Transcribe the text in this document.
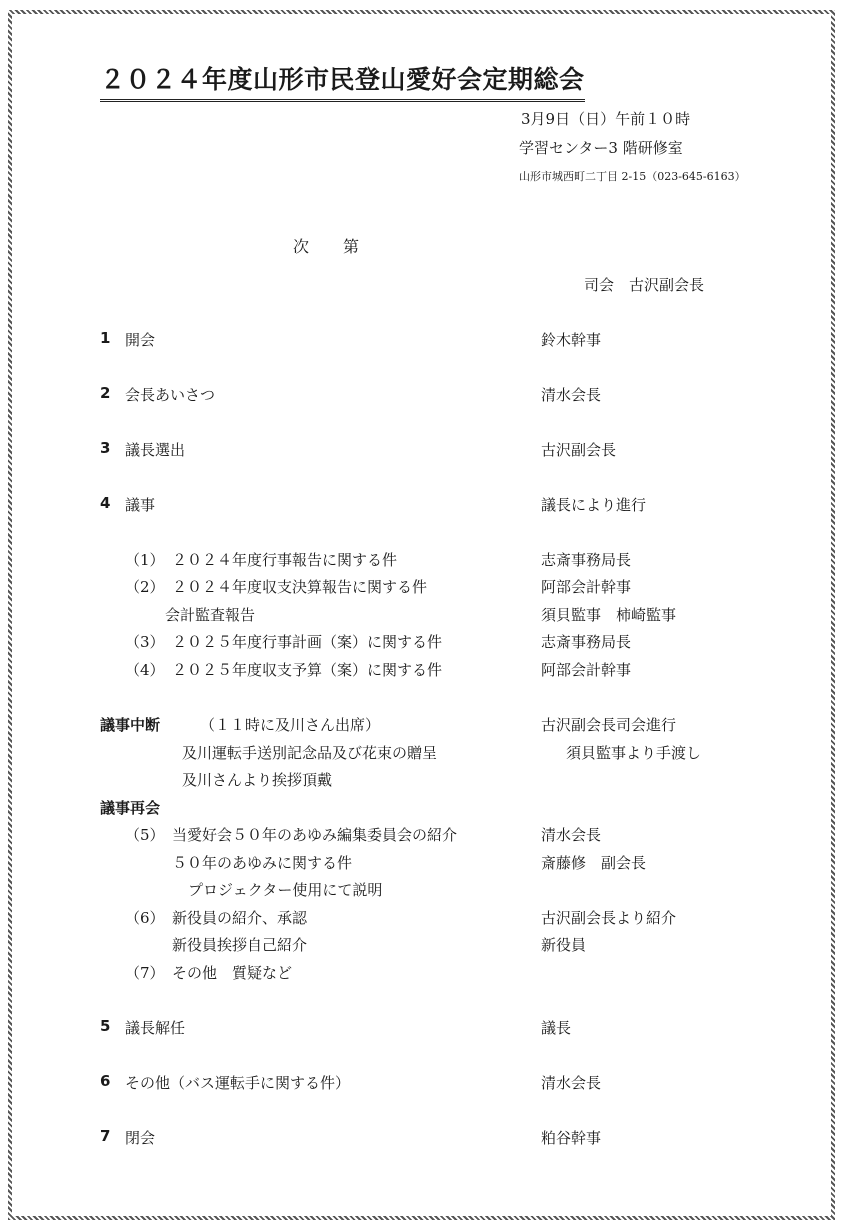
２０２４年度山形市民登山愛好会定期総会
3月9日（日）午前１０時
学習センター3 階研修室
山形市城西町二丁目 2-15（023-645-6163）
次第
司会　古沢副会長
1 開会	鈴木幹事
2 会長あいさつ	清水会長
3 議長選出	古沢副会長
4 議事	議長により進行
（1）　２０２４年度行事報告に関する件	志斎事務局長
（2）　２０２４年度収支決算報告に関する件	阿部会計幹事
会計監査報告	須貝監事　柿崎監事
（3）　２０２５年度行事計画（案）に関する件	志斎事務局長
（4）　２０２５年度収支予算（案）に関する件	阿部会計幹事
議事中断	（１１時に及川さん出席）	古沢副会長司会進行
及川運転手送別記念品及び花束の贈呈	須貝監事より手渡し
及川さんより挨拶頂戴
議事再会
（5）　当愛好会５０年のあゆみ編集委員会の紹介	清水会長
５０年のあゆみに関する件	斎藤修　副会長
プロジェクター使用にて説明
（6）　新役員の紹介、承認	古沢副会長より紹介
新役員挨拶自己紹介	新役員
（7）　その他　質疑など
5 議長解任	議長
6 その他（バス運転手に関する件）	清水会長
7 閉会	粕谷幹事
